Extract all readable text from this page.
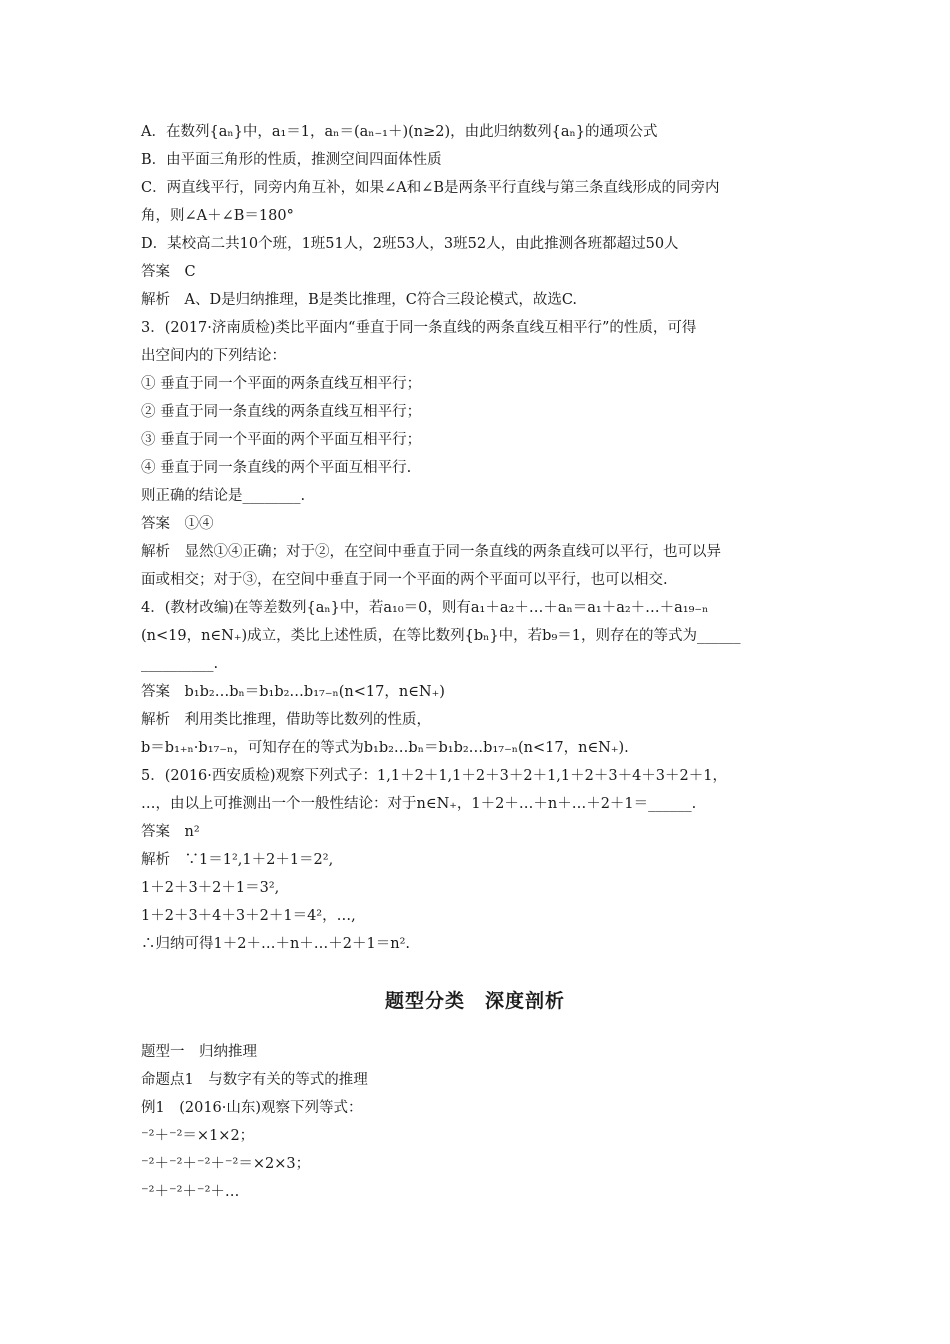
A．在数列{aₙ}中，a₁＝1，aₙ＝(aₙ₋₁＋)(n≥2)，由此归纳数列{aₙ}的通项公式
B．由平面三角形的性质，推测空间四面体性质
C．两直线平行，同旁内角互补，如果∠A和∠B是两条平行直线与第三条直线形成的同旁内
角，则∠A＋∠B＝180°
D．某校高二共10个班，1班51人，2班53人，3班52人，由此推测各班都超过50人
答案　C
解析　A、D是归纳推理，B是类比推理，C符合三段论模式，故选C.
3．(2017·济南质检)类比平面内“垂直于同一条直线的两条直线互相平行”的性质，可得
出空间内的下列结论：
① 垂直于同一个平面的两条直线互相平行；
② 垂直于同一条直线的两条直线互相平行；
③ 垂直于同一个平面的两个平面互相平行；
④ 垂直于同一条直线的两个平面互相平行.
则正确的结论是________.
答案　①④
解析　显然①④正确；对于②，在空间中垂直于同一条直线的两条直线可以平行，也可以异
面或相交；对于③，在空间中垂直于同一个平面的两个平面可以平行，也可以相交.
4．(教材改编)在等差数列{aₙ}中，若a₁₀＝0，则有a₁＋a₂＋…＋aₙ＝a₁＋a₂＋…＋a₁₉₋ₙ
(n<19，n∈N₊)成立，类比上述性质，在等比数列{bₙ}中，若b₉＝1，则存在的等式为______
__________.
答案　b₁b₂…bₙ＝b₁b₂…b₁₇₋ₙ(n<17，n∈N₊)
解析　利用类比推理，借助等比数列的性质，
b＝b₁₊ₙ·b₁₇₋ₙ，可知存在的等式为b₁b₂…bₙ＝b₁b₂…b₁₇₋ₙ(n<17，n∈N₊).
5．(2016·西安质检)观察下列式子：1,1＋2＋1,1＋2＋3＋2＋1,1＋2＋3＋4＋3＋2＋1，
…，由以上可推测出一个一般性结论：对于n∈N₊，1＋2＋…＋n＋…＋2＋1＝______.
答案　n²
解析　∵1＝1²,1＋2＋1＝2²,
1＋2＋3＋2＋1＝3²,
1＋2＋3＋4＋3＋2＋1＝4²，…,
∴归纳可得1＋2＋…＋n＋…＋2＋1＝n².
题型分类　深度剖析
题型一　归纳推理
命题点1　与数字有关的等式的推理
例1　(2016·山东)观察下列等式：
⁻²＋⁻²＝×1×2；
⁻²＋⁻²＋⁻²＋⁻²＝×2×3；
⁻²＋⁻²＋⁻²＋…
